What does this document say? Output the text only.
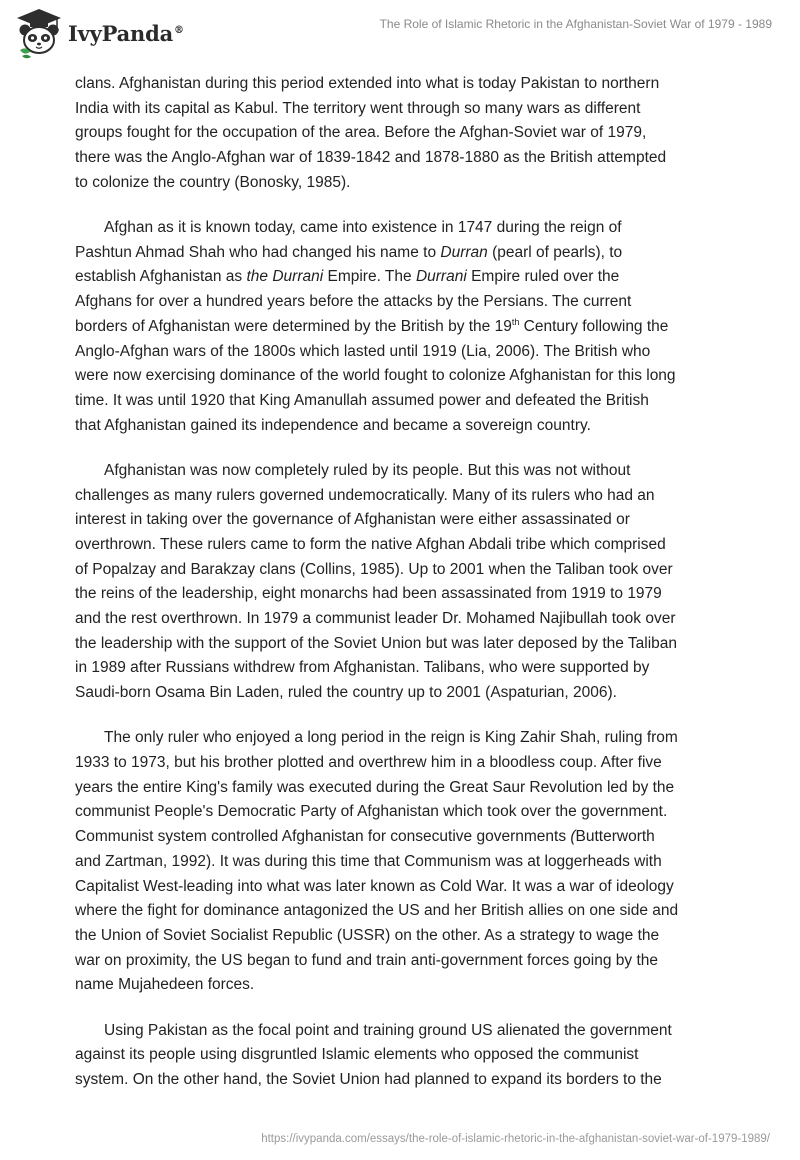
IvyPanda®	The Role of Islamic Rhetoric in the Afghanistan-Soviet War of 1979 - 1989

clans. Afghanistan during this period extended into what is today Pakistan to northern
India with its capital as Kabul. The territory went through so many wars as different
groups fought for the occupation of the area. Before the Afghan-Soviet war of 1979,
there was the Anglo-Afghan war of 1839-1842 and 1878-1880 as the British attempted
to colonize the country (Bonosky, 1985).

Afghan as it is known today, came into existence in 1747 during the reign of
Pashtun Ahmad Shah who had changed his name to Durran (pearl of pearls), to
establish Afghanistan as the Durrani Empire. The Durrani Empire ruled over the
Afghans for over a hundred years before the attacks by the Persians. The current
borders of Afghanistan were determined by the British by the 19th Century following the
Anglo-Afghan wars of the 1800s which lasted until 1919 (Lia, 2006). The British who
were now exercising dominance of the world fought to colonize Afghanistan for this long
time. It was until 1920 that King Amanullah assumed power and defeated the British
that Afghanistan gained its independence and became a sovereign country.

Afghanistan was now completely ruled by its people. But this was not without
challenges as many rulers governed undemocratically. Many of its rulers who had an
interest in taking over the governance of Afghanistan were either assassinated or
overthrown. These rulers came to form the native Afghan Abdali tribe which comprised
of Popalzay and Barakzay clans (Collins, 1985). Up to 2001 when the Taliban took over
the reins of the leadership, eight monarchs had been assassinated from 1919 to 1979
and the rest overthrown. In 1979 a communist leader Dr. Mohamed Najibullah took over
the leadership with the support of the Soviet Union but was later deposed by the Taliban
in 1989 after Russians withdrew from Afghanistan. Talibans, who were supported by
Saudi-born Osama Bin Laden, ruled the country up to 2001 (Aspaturian, 2006).

The only ruler who enjoyed a long period in the reign is King Zahir Shah, ruling from
1933 to 1973, but his brother plotted and overthrew him in a bloodless coup. After five
years the entire King's family was executed during the Great Saur Revolution led by the
communist People's Democratic Party of Afghanistan which took over the government.
Communist system controlled Afghanistan for consecutive governments (Butterworth
and Zartman, 1992). It was during this time that Communism was at loggerheads with
Capitalist West-leading into what was later known as Cold War. It was a war of ideology
where the fight for dominance antagonized the US and her British allies on one side and
the Union of Soviet Socialist Republic (USSR) on the other. As a strategy to wage the
war on proximity, the US began to fund and train anti-government forces going by the
name Mujahedeen forces.

Using Pakistan as the focal point and training ground US alienated the government
against its people using disgruntled Islamic elements who opposed the communist
system. On the other hand, the Soviet Union had planned to expand its borders to the

https://ivypanda.com/essays/the-role-of-islamic-rhetoric-in-the-afghanistan-soviet-war-of-1979-1989/
